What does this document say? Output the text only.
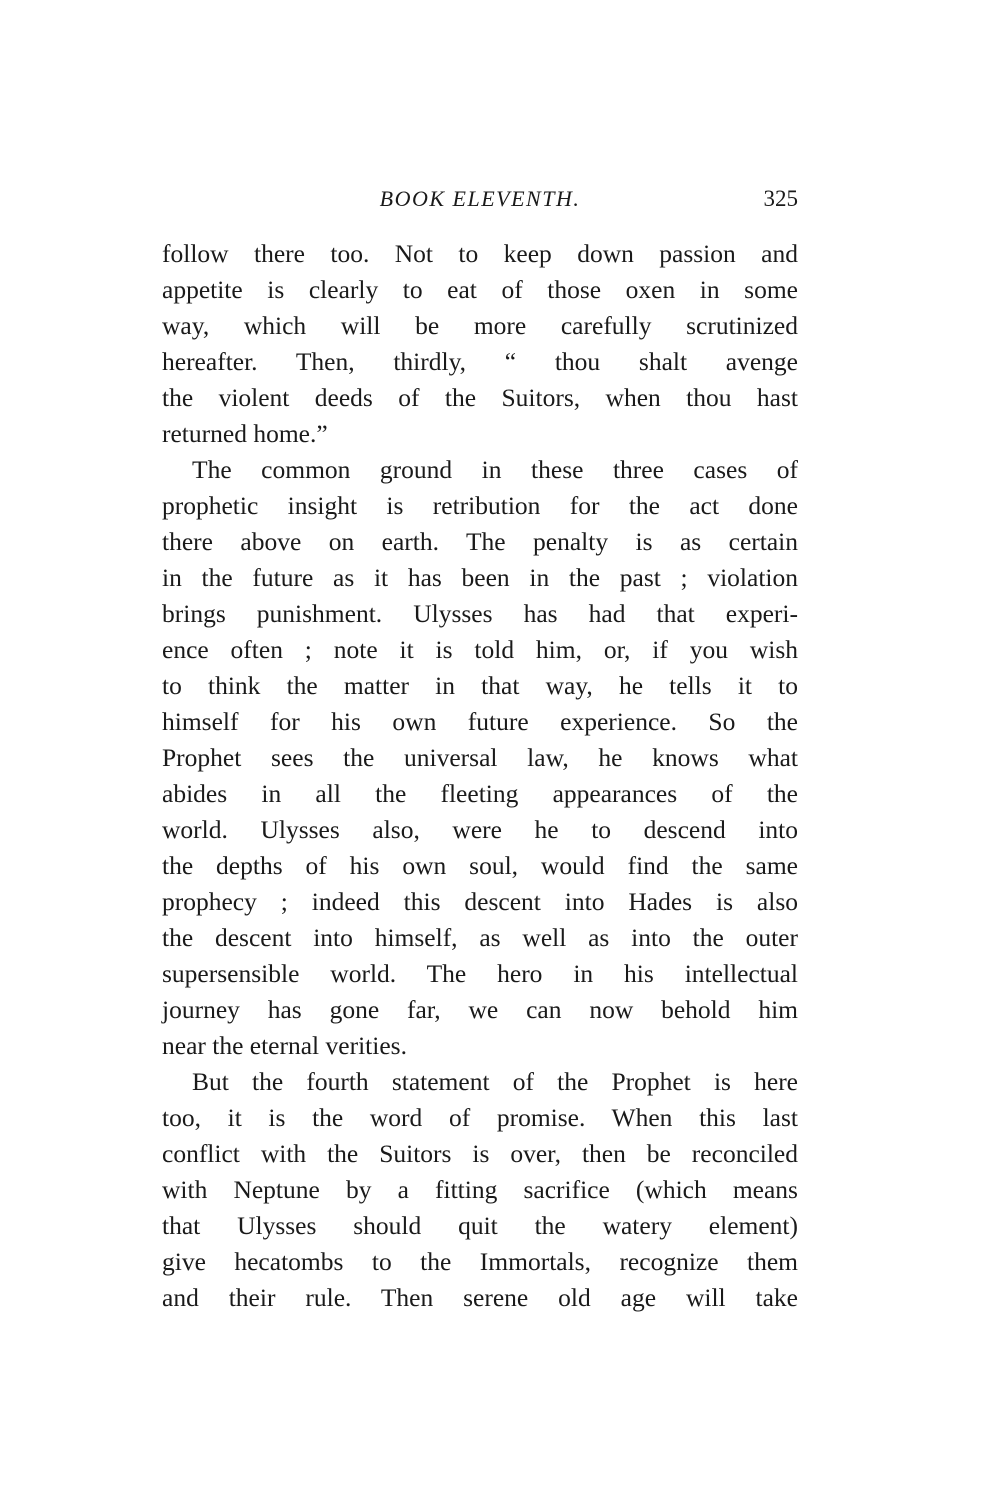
BOOK ELEVENTH.	325
follow there too. Not to keep down passion and
appetite is clearly to eat of those oxen in some
way, which will be more carefully scrutinized
hereafter. Then, thirdly, “ thou shalt avenge
the violent deeds of the Suitors, when thou hast
returned home.”
The common ground in these three cases of
prophetic insight is retribution for the act done
there above on earth. The penalty is as certain
in the future as it has been in the past ; violation
brings punishment. Ulysses has had that experi-
ence often ; note it is told him, or, if you wish
to think the matter in that way, he tells it to
himself for his own future experience. So the
Prophet sees the universal law, he knows what
abides in all the fleeting appearances of the
world. Ulysses also, were he to descend into
the depths of his own soul, would find the same
prophecy ; indeed this descent into Hades is also
the descent into himself, as well as into the outer
supersensible world. The hero in his intellectual
journey has gone far, we can now behold him
near the eternal verities.
But the fourth statement of the Prophet is here
too, it is the word of promise. When this last
conflict with the Suitors is over, then be reconciled
with Neptune by a fitting sacrifice (which means
that Ulysses should quit the watery element)
give hecatombs to the Immortals, recognize them
and their rule. Then serene old age will take
